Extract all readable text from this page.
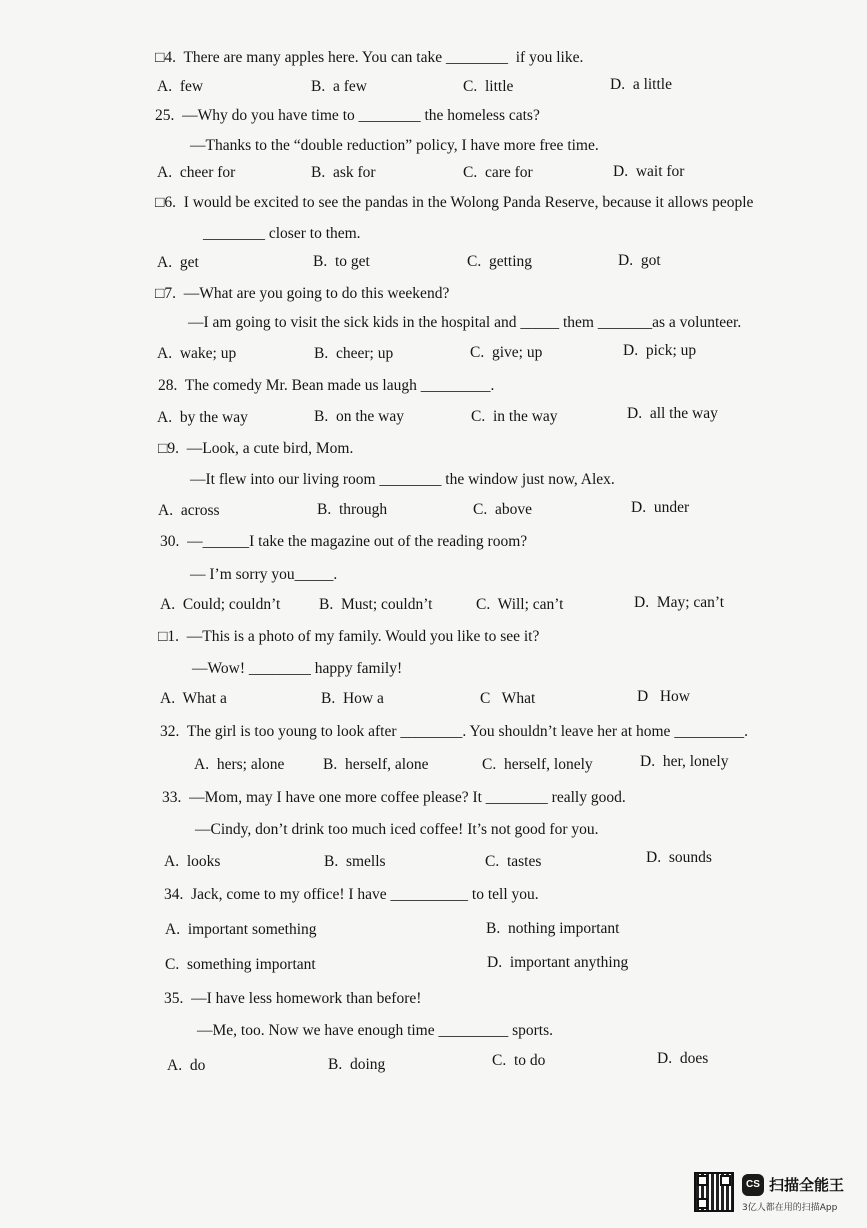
□4.  There are many apples here. You can take ________  if you like.
A.  few	B.  a few	C.  little	D.  a little
25.  —Why do you have time to ________ the homeless cats?
—Thanks to the “double reduction” policy, I have more free time.
A.  cheer for	B.  ask for	C.  care for	D.  wait for
□6.  I would be excited to see the pandas in the Wolong Panda Reserve, because it allows people
________ closer to them.
A.  get	B.  to get	C.  getting	D.  got
□7.  —What are you going to do this weekend?
—I am going to visit the sick kids in the hospital and _____ them _______as a volunteer.
A.  wake; up	B.  cheer; up	C.  give; up	D.  pick; up
28.  The comedy Mr. Bean made us laugh _________.
A.  by the way	B.  on the way	C.  in the way	D.  all the way
□9.  —Look, a cute bird, Mom.
—It flew into our living room ________ the window just now, Alex.
A.  across	B.  through	C.  above	D.  under
30.  —______I take the magazine out of the reading room?
— I’m sorry you_____.
A.  Could; couldn’t B.  Must; couldn’t	C.  Will; can’t	D.  May; can’t
□1.  —This is a photo of my family. Would you like to see it?
—Wow! ________ happy family!
A.  What a	B.  How a	C   What	D   How
32.  The girl is too young to look after ________. You shouldn’t leave her at home _________.
A.  hers; alone B.  herself, alone	C.  herself, lonely	D.  her, lonely
33.  —Mom, may I have one more coffee please? It ________ really good.
—Cindy, don’t drink too much iced coffee! It’s not good for you.
A.  looks	B.  smells	C.  tastes	D.  sounds
34.  Jack, come to my office! I have __________ to tell you.
A.  important something	B.  nothing important
C.  something important	D.  important anything
35.  —I have less homework than before!
—Me, too. Now we have enough time _________ sports.
A.  do	B.  doing	C.  to do	D.  does
CS 扫描全能王
3亿人都在用的扫描App
